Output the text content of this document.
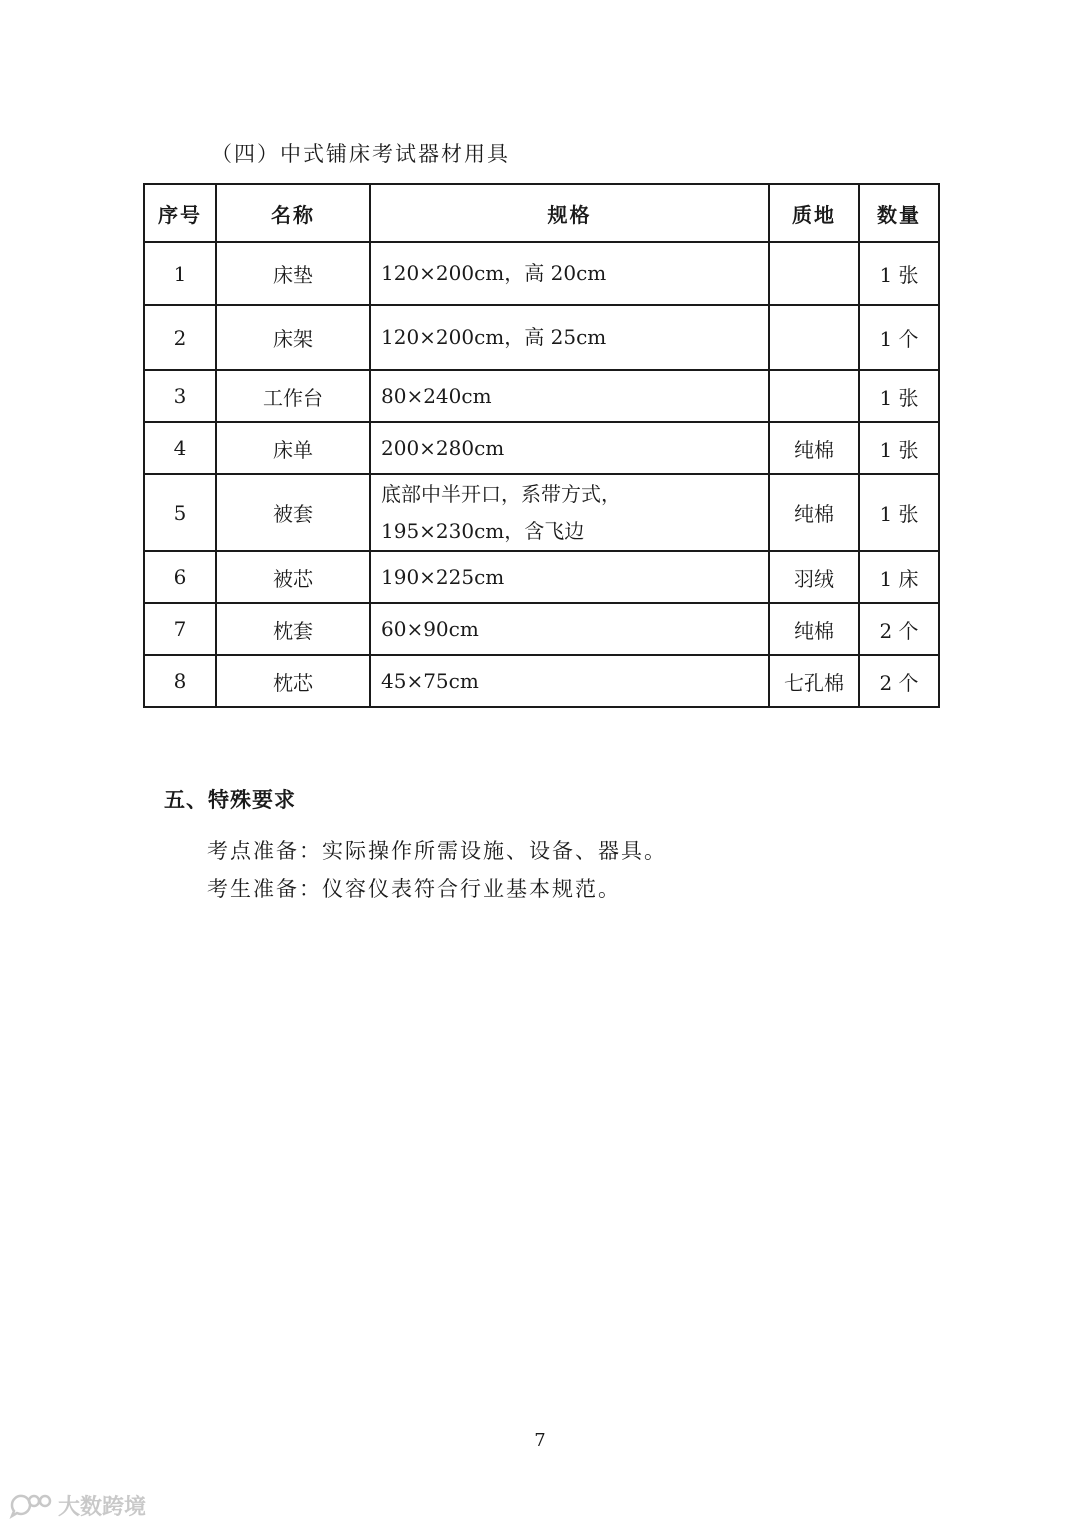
（四）中式铺床考试器材用具
序号	名称	规格	质地	数量
1	床垫	120×200cm，高 20cm		1 张
2	床架	120×200cm，高 25cm		1 个
3	工作台	80×240cm		1 张
4	床单	200×280cm	纯棉	1 张
5	被套	底部中半开口，系带方式，195×230cm，含飞边	纯棉	1 张
6	被芯	190×225cm	羽绒	1 床
7	枕套	60×90cm	纯棉	2 个
8	枕芯	45×75cm	七孔棉	2 个
五、特殊要求
考点准备：实际操作所需设施、设备、器具。
考生准备：仪容仪表符合行业基本规范。
7
大数跨境
